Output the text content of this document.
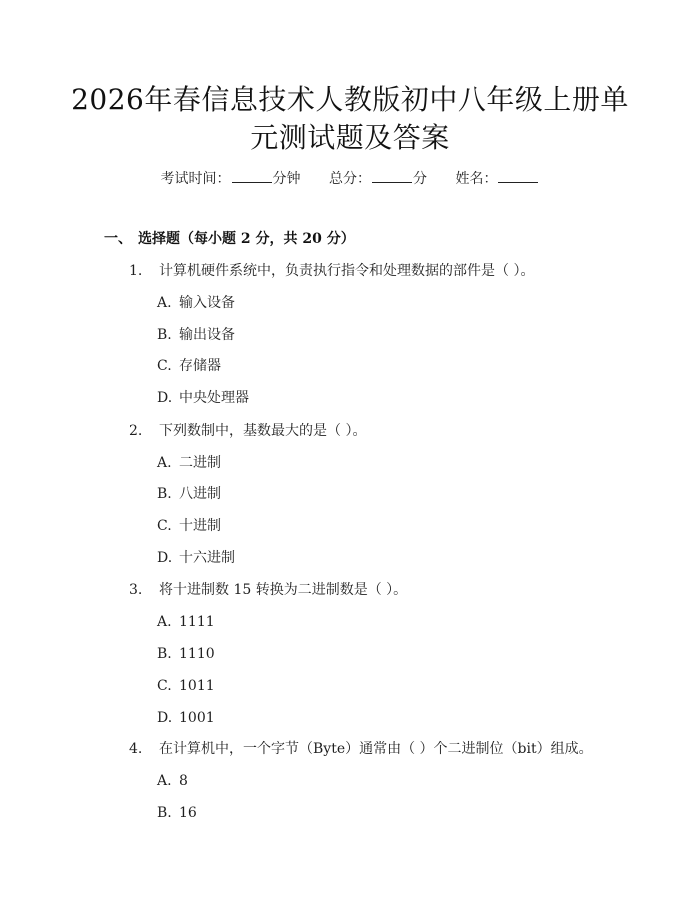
2026年春信息技术人教版初中八年级上册单
元测试题及答案
考试时间：	分钟 总分：	分 姓名：
一、 选择题（每小题 2 分，共 20 分）
1. 计算机硬件系统中，负责执行指令和处理数据的部件是（ ）。
A. 输入设备
B. 输出设备
C. 存储器
D. 中央处理器
2. 下列数制中，基数最大的是（ ）。
A. 二进制
B. 八进制
C. 十进制
D. 十六进制
3. 将十进制数 15 转换为二进制数是（ ）。
A. 1111
B. 1110
C. 1011
D. 1001
4. 在计算机中，一个字节（Byte）通常由（ ）个二进制位（bit）组成。
A. 8
B. 16
